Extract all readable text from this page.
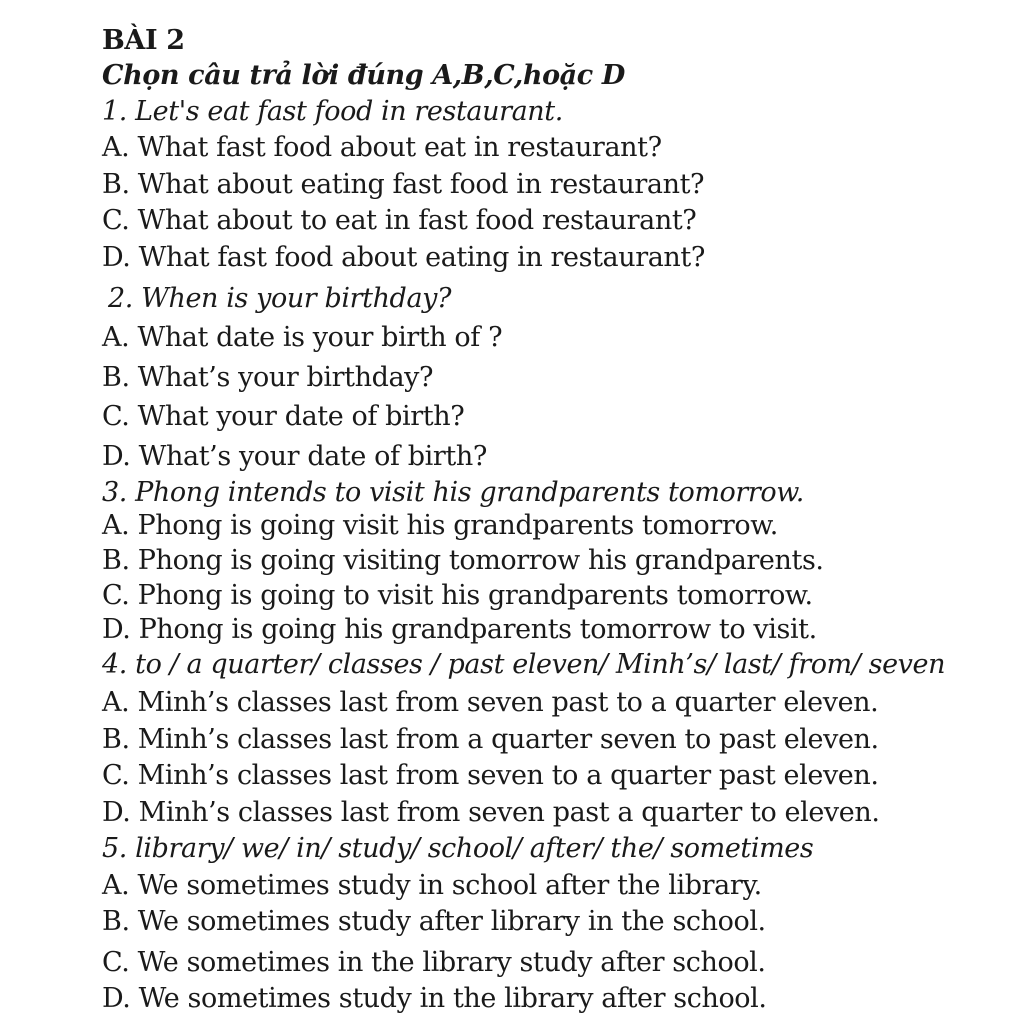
BÀI 2
Chọn câu trả lời đúng A,B,C,hoặc D
1. Let's eat fast food in restaurant.
A. What fast food about eat in restaurant?
B. What about eating fast food in restaurant?
C. What about to eat in fast food restaurant?
D. What fast food about eating in restaurant?
2. When is your birthday?
A. What date is your birth of ?
B. What’s your birthday?
C. What your date of birth?
D. What’s your date of birth?
3. Phong intends to visit his grandparents tomorrow.
A. Phong is going visit his grandparents tomorrow.
B. Phong is going visiting tomorrow his grandparents.
C. Phong is going to visit his grandparents tomorrow.
D. Phong is going his grandparents tomorrow to visit.
4. to / a quarter/ classes / past eleven/ Minh’s/ last/ from/ seven
A. Minh’s classes last from seven past to a quarter eleven.
B. Minh’s classes last from a quarter seven to past eleven.
C. Minh’s classes last from seven to a quarter past eleven.
D. Minh’s classes last from seven past a quarter to eleven.
5. library/ we/ in/ study/ school/ after/ the/ sometimes
A. We sometimes study in school after the library.
B. We sometimes study after library in the school.
C. We sometimes in the library study after school.
D. We sometimes study in the library after school.
